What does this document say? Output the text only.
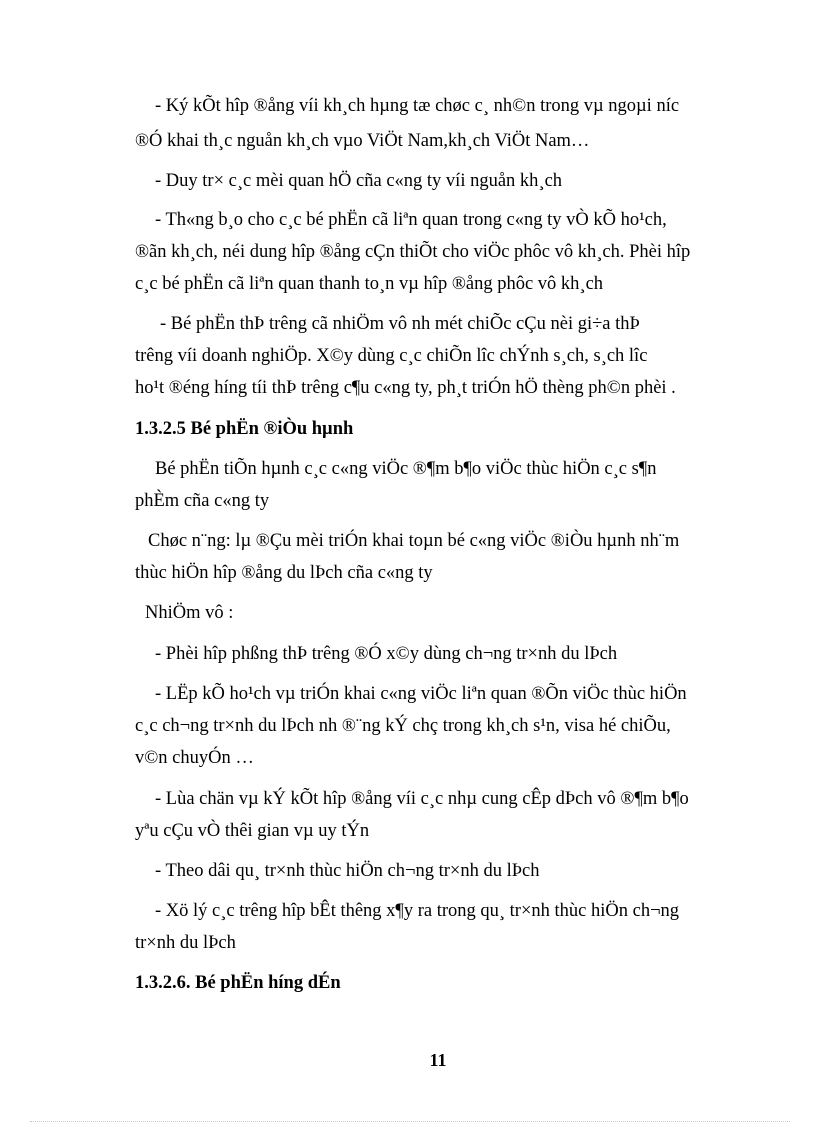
- Ký kÕt hîp ®ång víi kh¸ch hµng tæ chøc c¸ nh©n trong vµ ngoµi níc
®Ó khai th¸c nguån kh¸ch vµo ViÖt Nam,kh¸ch ViÖt Nam…
- Duy tr× c¸c mèi quan hÖ cña c«ng ty víi nguån kh¸ch
- Th«ng b¸o cho c¸c bé phËn cã liªn quan trong c«ng ty vÒ kÕ ho¹ch,
®ãn kh¸ch, néi dung hîp ®ång cÇn thiÕt cho viÖc phôc vô kh¸ch. Phèi hîp
c¸c bé phËn cã liªn quan thanh to¸n vµ hîp ®ång phôc vô kh¸ch
- Bé phËn thÞ trêng cã nhiÖm vô nh mét chiÕc cÇu nèi gi÷a thÞ
trêng víi doanh nghiÖp. X©y dùng c¸c chiÕn lîc chÝnh s¸ch, s¸ch lîc
ho¹t ®éng híng tíi thÞ trêng c¶u c«ng ty, ph¸t triÓn hÖ thèng ph©n phèi .
1.3.2.5 Bé phËn ®iÒu hµnh
Bé phËn tiÕn hµnh c¸c c«ng viÖc ®¶m b¶o viÖc thùc hiÖn c¸c s¶n
phÈm cña c«ng ty
Chøc n¨ng: lµ ®Çu mèi triÓn khai toµn bé c«ng viÖc ®iÒu hµnh nh¨m
thùc hiÖn hîp ®ång du lÞch cña c«ng ty
NhiÖm vô :
- Phèi hîp phßng thÞ trêng ®Ó x©y dùng ch¬ng tr×nh du lÞch
- LËp kÕ ho¹ch vµ triÓn khai c«ng viÖc liªn quan ®Õn viÖc thùc hiÖn
c¸c ch¬ng tr×nh du lÞch nh ®¨ng kÝ chç trong kh¸ch s¹n, visa hé chiÕu,
v©n chuyÓn …
- Lùa chän vµ kÝ kÕt hîp ®ång víi c¸c nhµ cung cÊp dÞch vô ®¶m b¶o
yªu cÇu vÒ thêi gian vµ uy tÝn
- Theo dâi qu¸ tr×nh thùc hiÖn ch¬ng tr×nh du lÞch
- Xö lý c¸c trêng hîp bÊt thêng x¶y ra trong qu¸ tr×nh thùc hiÖn ch¬ng
tr×nh du lÞch
1.3.2.6. Bé phËn híng dÉn
11
